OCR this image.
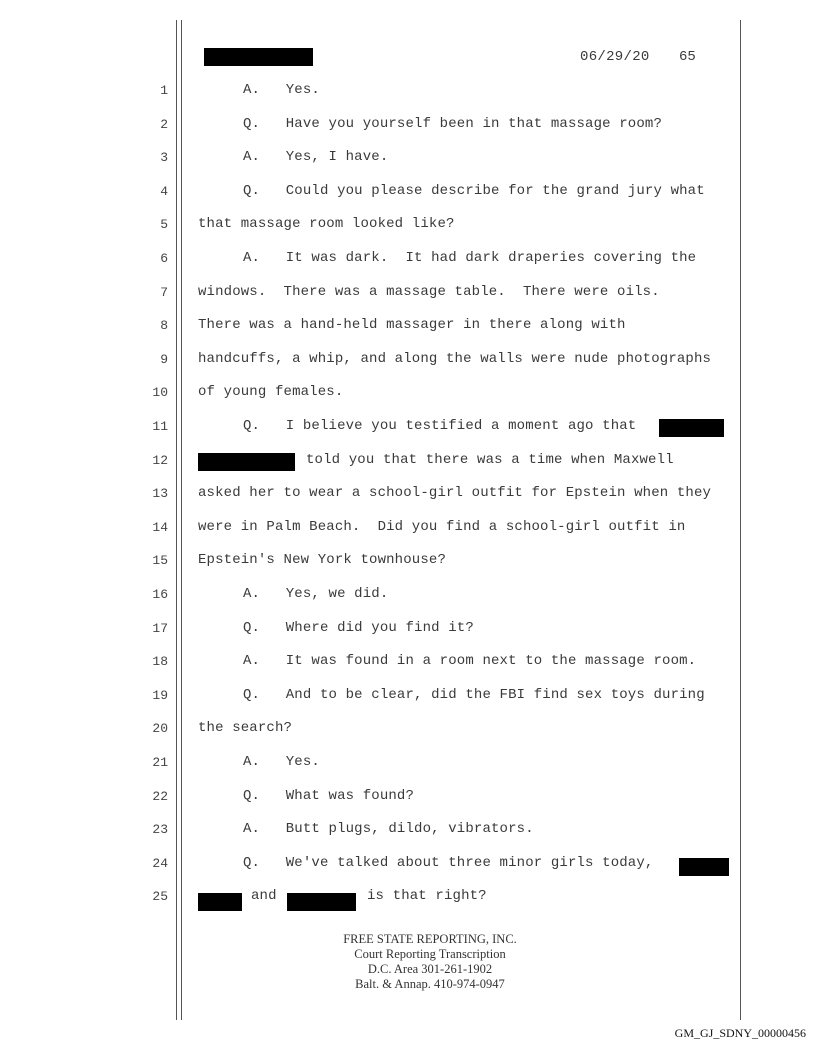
06/29/20 65
1	A.   Yes.
2	Q.   Have you yourself been in that massage room?
3	A.   Yes, I have.
4	Q.   Could you please describe for the grand jury what
5 that massage room looked like?
6	A.   It was dark.  It had dark draperies covering the
7 windows.  There was a massage table.  There were oils.
8 There was a hand-held massager in there along with
9 handcuffs, a whip, and along the walls were nude photographs
10 of young females.
11	Q.   I believe you testified a moment ago that
12	told you that there was a time when Maxwell
13 asked her to wear a school-girl outfit for Epstein when they
14 were in Palm Beach.  Did you find a school-girl outfit in
15 Epstein's New York townhouse?
16	A.   Yes, we did.
17	Q.   Where did you find it?
18	A.   It was found in a room next to the massage room.
19	Q.   And to be clear, did the FBI find sex toys during
20 the search?
21	A.   Yes.
22	Q.   What was found?
23	A.   Butt plugs, dildo, vibrators.
24	Q.   We've talked about three minor girls today,
25	and	is that right?
FREE STATE REPORTING, INC.
Court Reporting Transcription
D.C. Area 301-261-1902
Balt. & Annap. 410-974-0947
GM_GJ_SDNY_00000456
